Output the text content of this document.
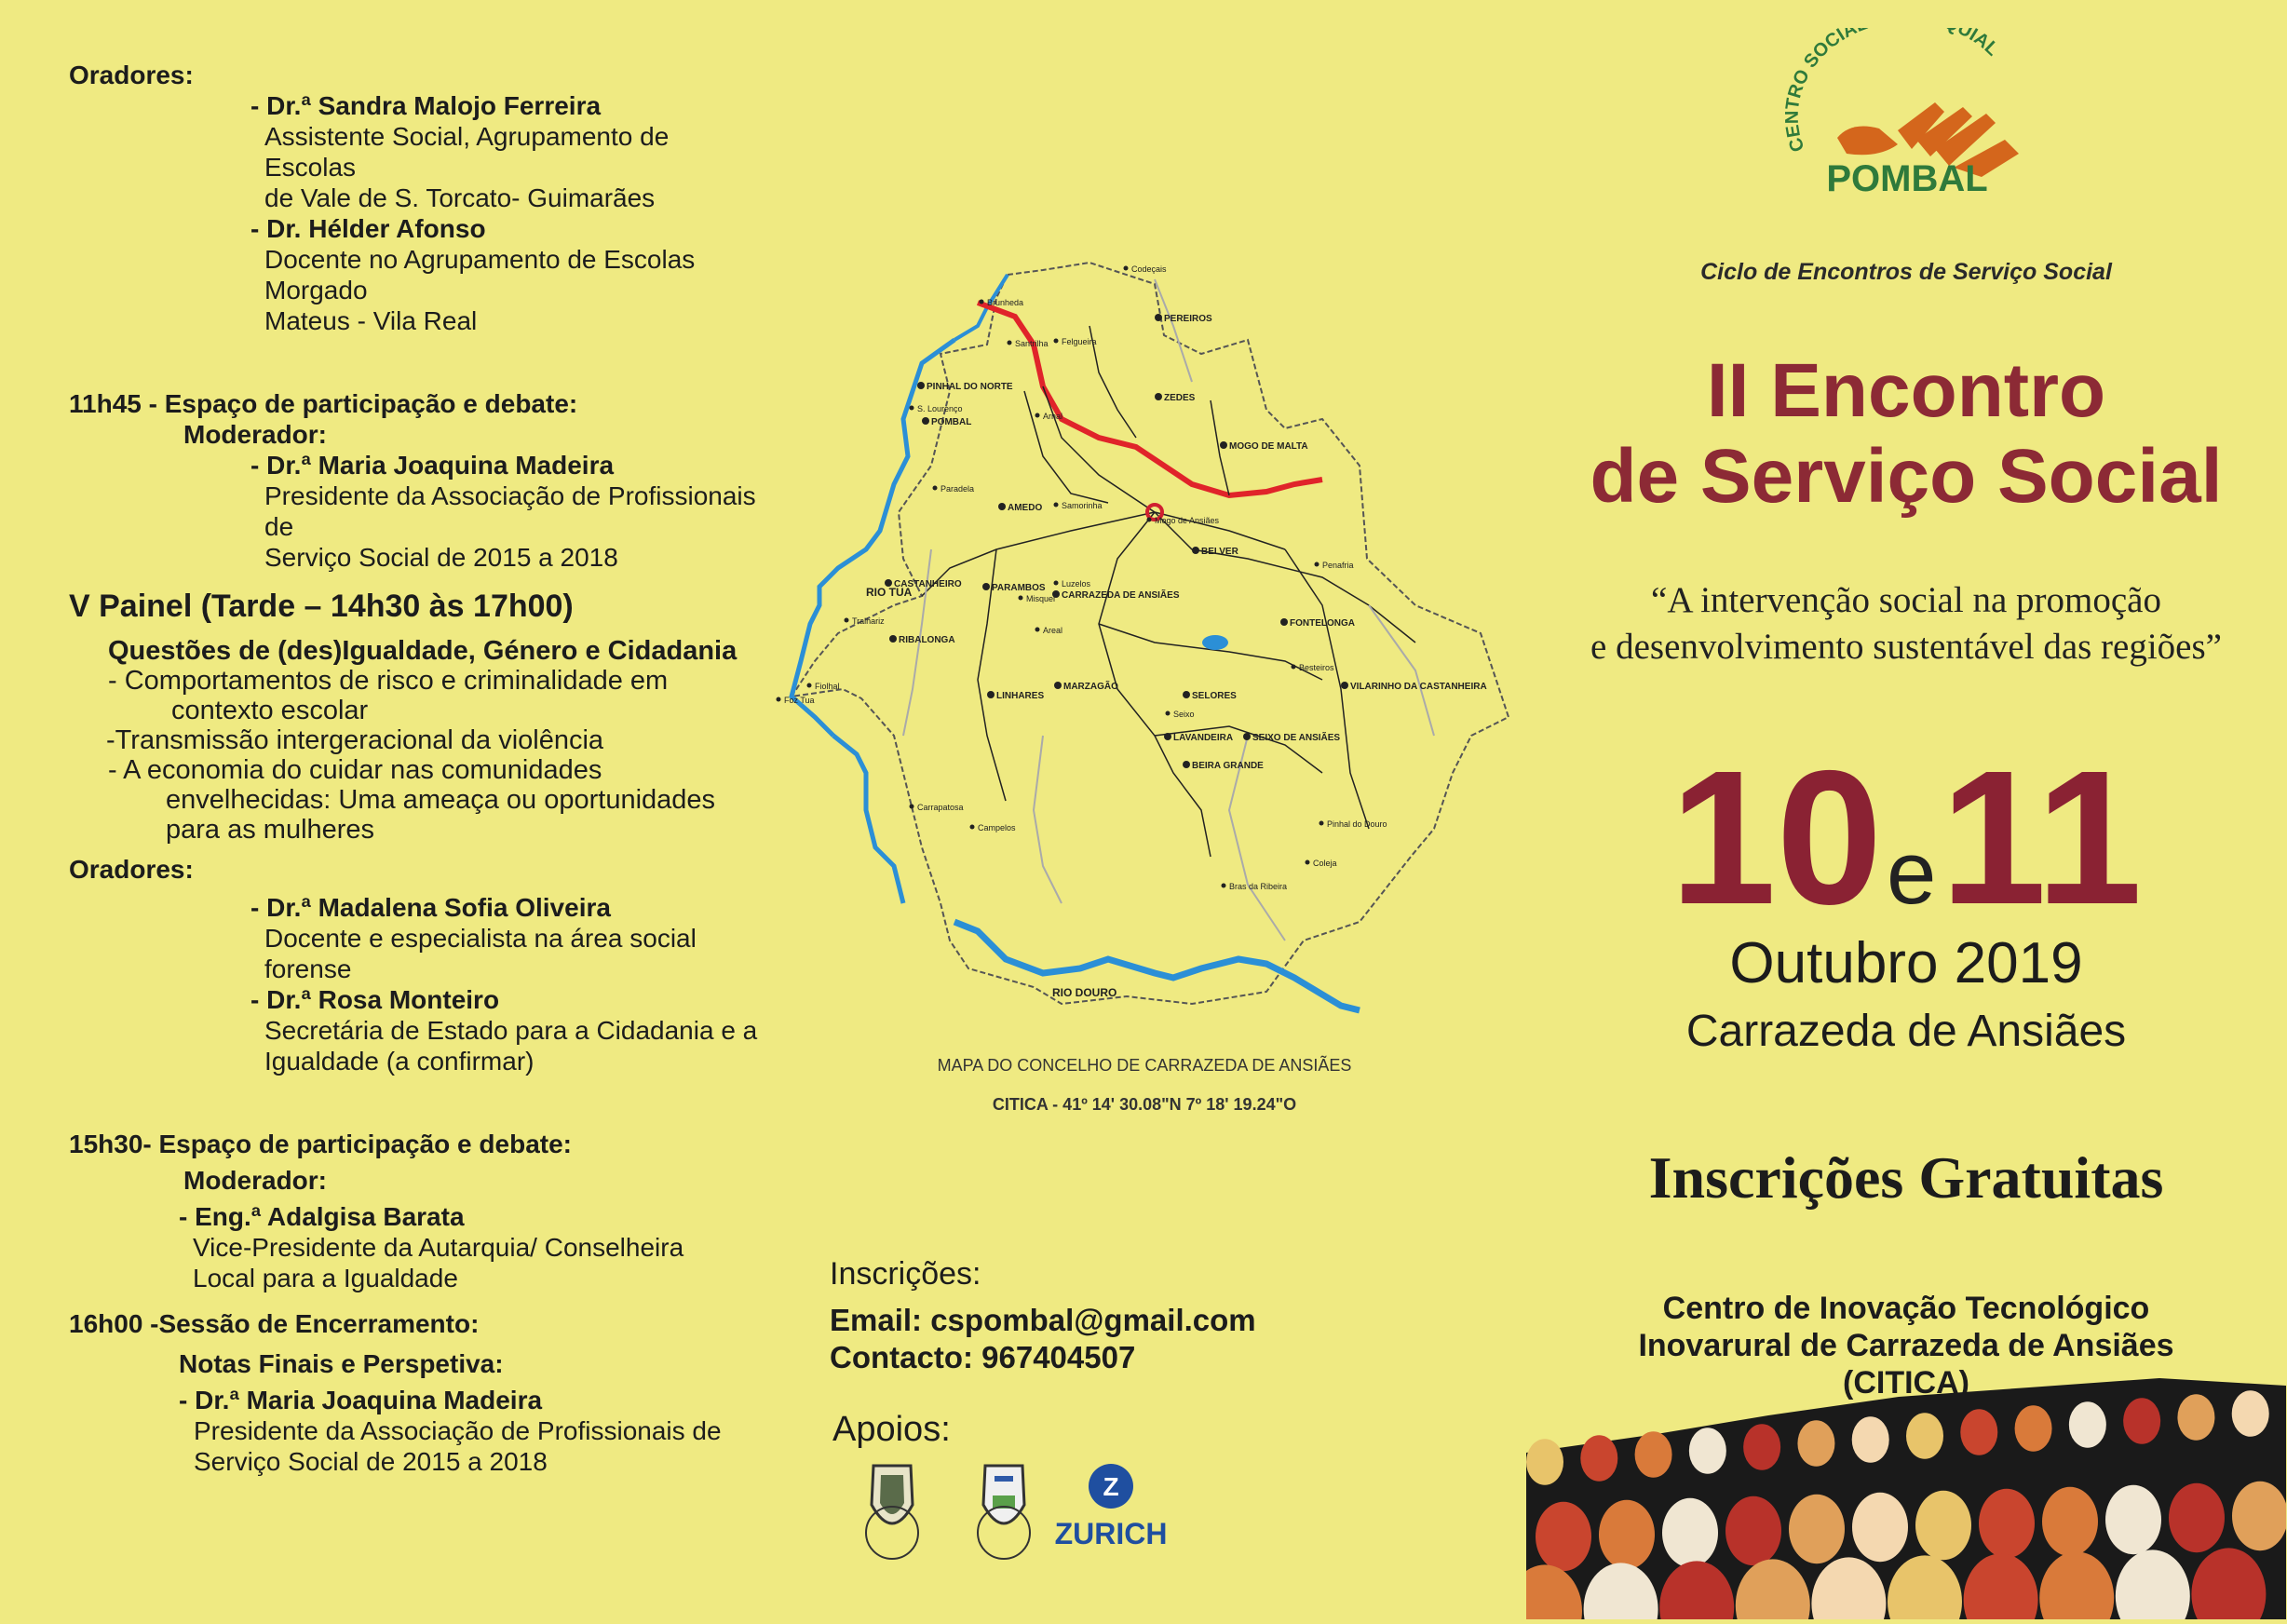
Oradores:

- Dr.ª Sandra Malojo Ferreira
Assistente Social, Agrupamento de Escolas
de Vale de S. Torcato- Guimarães
- Dr. Hélder Afonso
Docente no Agrupamento de Escolas Morgado
Mateus - Vila Real

11h45 - Espaço de participação e debate:

Moderador:
- Dr.ª Maria Joaquina Madeira
Presidente da Associação de Profissionais de
Serviço Social de 2015 a 2018
V Painel (Tarde – 14h30 às 17h00)
Questões de (des)Igualdade, Género e Cidadania
- Comportamentos de risco e criminalidade em
contexto escolar
-Transmissão intergeracional da violência
- A economia do cuidar nas comunidades
envelhecidas: Uma ameaça ou oportunidades
para as mulheres

Oradores:

- Dr.ª Madalena Sofia Oliveira
Docente e especialista na área social forense
- Dr.ª Rosa Monteiro
Secretária de Estado para a Cidadania e a
Igualdade (a confirmar)

15h30- Espaço de participação e debate:

Moderador:
- Eng.ª Adalgisa Barata
Vice-Presidente da Autarquia/ Conselheira
Local para a Igualdade

16h00 -Sessão de Encerramento:

Notas Finais e Perspetiva:
- Dr.ª Maria Joaquina Madeira
Presidente da Associação de Profissionais de
Serviço Social de 2015 a 2018
Codeçais
PEREIROS
Brunheda
Santrilha Felgueira
PINHAL DO NORTE
S. Lourenço
POMBAL
ZEDES
Arnal
MOGO DE MALTA
Paradela
AMEDO Samorinha
Mogo de Ansiães
CARRAZEDA DE ANSIÃES
BELVER
Penafria
CASTANHEIRO	PARAMBOS Luzelos
Misquel
FONTELONGA
Tralhariz
RIBALONGA
Areal
Besteiros
Foz Tua
Fiolhal
LINHARES
MARZAGÃO
SELORES
VILARINHO DA CASTANHEIRA
Seixo
LAVANDEIRA SEIXO DE ANSIÃES
BEIRA GRANDE
Carrapatosa
Campelos	Pinhal do Douro
Coleja
Bras da Ribeira
RIO TUA
RIO DOURO
MAPA DO CONCELHO DE CARRAZEDA DE ANSIÃES
CITICA - 41º 14' 30.08"N 7º 18' 19.24"O
Inscrições:
Email: cspombal@gmail.com
Contacto: 967404507
Apoios:
Z
ZURICH
CENTRO SOCIA UIAL
POMBAL
Ciclo de Encontros de Serviço Social
II Encontro
de Serviço Social
“A intervenção social na promoção
e desenvolvimento sustentável das regiões”
10 e 11
Outubro 2019
Carrazeda de Ansiães
Inscrições Gratuitas
Centro de Inovação Tecnológico
Inovarural de Carrazeda de Ansiães
(CITICA)
